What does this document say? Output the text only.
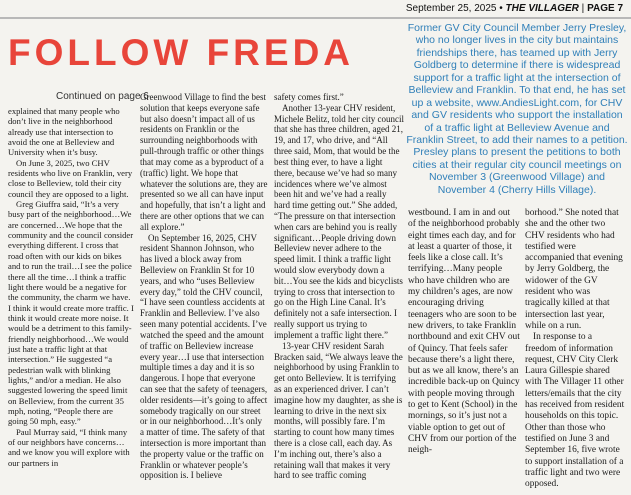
September 25, 2025 • THE VILLAGER | PAGE 7
FOLLOW FREDA
Continued on page 6

explained that many people who don’t live in the neighborhood already use that intersection to avoid the one at Belleview and University when it’s busy.

On June 3, 2025, two CHV residents who live on Franklin, very close to Belleview, told their city council they are opposed to a light.

Greg Giuffra said, “It’s a very busy part of the neighborhood…We are concerned…We hope that the community and the council consider everything different. I cross that road often with our kids on bikes and to run the trail…I see the police there all the time…I think a traffic light there would be a negative for the community, the charm we have. I think it would create more traffic. I think it would create more noise. It would be a detriment to this family-friendly neighborhood…We would just hate a traffic light at that intersection.” He suggested “a pedestrian walk with blinking lights,” and/or a median. He also suggested lowering the speed limit on Belleview, from the current 35 mph, noting, “People there are going 50 mph, easy.”

Paul Murray said, “I think many of our neighbors have concerns…and we know you will explore with our partners in

Greenwood Village to find the best solution that keeps everyone safe but also doesn’t impact all of us residents on Franklin or the surrounding neighborhoods with pull-through traffic or other things that may come as a byproduct of a (traffic) light. We hope that whatever the solutions are, they are presented so we all can have input and hopefully, that isn’t a light and there are other options that we can all explore.”

On September 16, 2025, CHV resident Shannon Johnson, who has lived a block away from Belleview on Franklin St for 10 years, and who “uses Belleview every day,” told the CHV council, “I have seen countless accidents at Franklin and Belleview. I’ve also seen many potential accidents. I’ve watched the speed and the amount of traffic on Belleview increase every year…I use that intersection multiple times a day and it is so dangerous. I hope that everyone can see that the safety of teenagers, older residents—it’s going to affect somebody tragically on our street or in our neighborhood…It’s only a matter of time. The safety of that intersection is more important than the property value or the traffic on Franklin or whatever people’s opposition is. I believe

safety comes first.”

Another 13-year CHV resident, Michele Belitz, told her city council that she has three children, aged 21, 19, and 17, who drive, and “All three said, Mom, that would be the best thing ever, to have a light there, because we’ve had so many incidences where we’ve almost been hit and we’ve had a really hard time getting out.” She added, “The pressure on that intersection when cars are behind you is really significant…People driving down Belleview never adhere to the speed limit. I think a traffic light would slow everybody down a bit…You see the kids and bicyclists trying to cross that intersection to go on the High Line Canal. It’s definitely not a safe intersection. I really support us trying to implement a traffic light there.”

13-year CHV resident Sarah Bracken said, “We always leave the neighborhood by using Franklin to get onto Belleview. It is terrifying as an experienced driver. I can’t imagine how my daughter, as she is learning to drive in the next six months, will possibly fare. I’m starting to count how many times there is a close call, each day. As I’m inching out, there’s also a retaining wall that makes it very hard to see traffic coming

Former GV City Council Member Jerry Presley, who no longer lives in the city but maintains friendships there, has teamed up with Jerry Goldberg to determine if there is widespread support for a traffic light at the intersection of Belleview and Franklin. To that end, he has set up a website, www.AndiesLight.com, for CHV and GV residents who support the installation of a traffic light at Belleview Avenue and Franklin Street, to add their names to a petition. Presley plans to present the petitions to both cities at their regular city council meetings on November 3 (Greenwood Village) and November 4 (Cherry Hills Village).

westbound. I am in and out of the neighborhood probably eight times each day, and for at least a quarter of those, it feels like a close call. It’s terrifying…Many people who have children who are my children’s ages, are now encouraging driving teenagers who are soon to be new drivers, to take Franklin northbound and exit CHV out of Quincy. That feels safer because there’s a light there, but as we all know, there’s an incredible back-up on Quincy with people moving through to get to Kent (School) in the mornings, so it’s just not a viable option to get out of CHV from our portion of the neigh-

borhood.” She noted that she and the other two CHV residents who had testified were accompanied that evening by Jerry Goldberg, the widower of the GV resident who was tragically killed at that intersection last year, while on a run.

In response to a freedom of information request, CHV City Clerk Laura Gillespie shared with The Villager 11 other letters/emails that the city has received from resident households on this topic. Other than those who testified on June 3 and September 16, five wrote to support installation of a traffic light and two were opposed.
